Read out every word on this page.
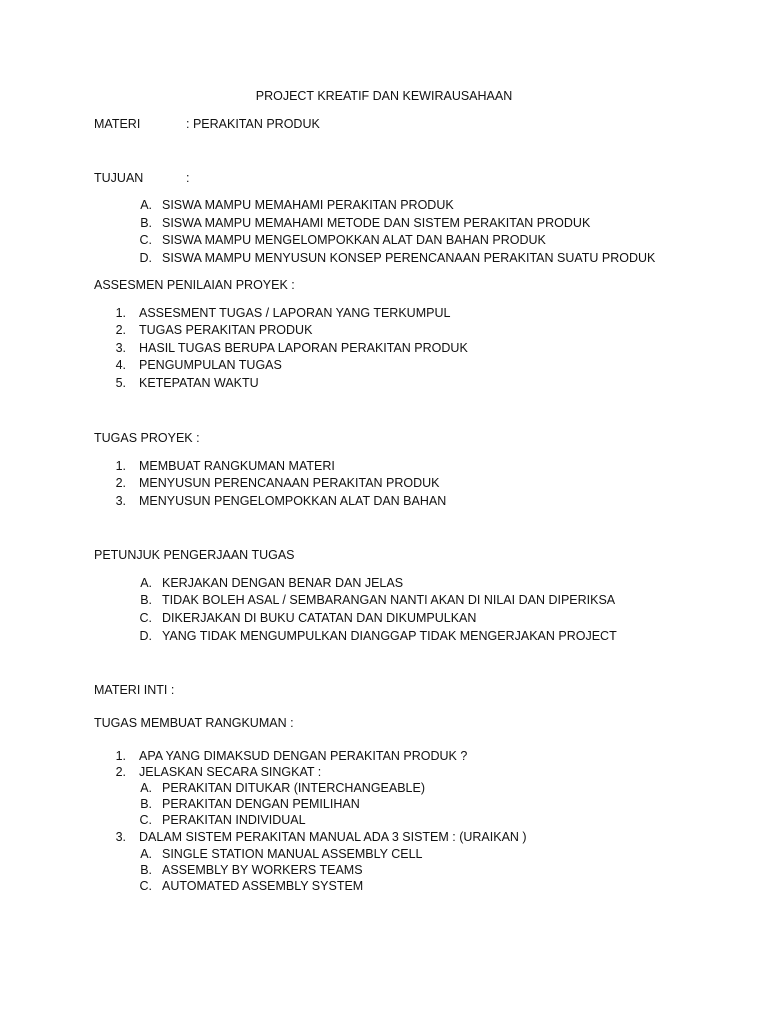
PROJECT KREATIF DAN KEWIRAUSAHAAN
MATERI	: PERAKITAN PRODUK
TUJUAN	:
A. SISWA MAMPU MEMAHAMI PERAKITAN PRODUK
B. SISWA MAMPU MEMAHAMI METODE DAN SISTEM PERAKITAN PRODUK
C. SISWA MAMPU MENGELOMPOKKAN ALAT DAN BAHAN PRODUK
D. SISWA MAMPU MENYUSUN KONSEP PERENCANAAN PERAKITAN SUATU PRODUK
ASSESMEN PENILAIAN PROYEK :
1. ASSESMENT TUGAS / LAPORAN YANG TERKUMPUL
2. TUGAS PERAKITAN PRODUK
3. HASIL TUGAS BERUPA LAPORAN PERAKITAN PRODUK
4. PENGUMPULAN TUGAS
5. KETEPATAN WAKTU
TUGAS PROYEK :
1. MEMBUAT RANGKUMAN MATERI
2. MENYUSUN PERENCANAAN PERAKITAN PRODUK
3. MENYUSUN PENGELOMPOKKAN ALAT DAN BAHAN
PETUNJUK PENGERJAAN TUGAS
A. KERJAKAN DENGAN BENAR DAN JELAS
B. TIDAK BOLEH ASAL / SEMBARANGAN NANTI AKAN DI NILAI DAN DIPERIKSA
C. DIKERJAKAN DI BUKU CATATAN DAN DIKUMPULKAN
D. YANG TIDAK MENGUMPULKAN DIANGGAP TIDAK MENGERJAKAN PROJECT
MATERI INTI :
TUGAS MEMBUAT RANGKUMAN :
1. APA YANG DIMAKSUD DENGAN PERAKITAN PRODUK ?
2. JELASKAN SECARA SINGKAT :
A. PERAKITAN DITUKAR (INTERCHANGEABLE)
B. PERAKITAN DENGAN PEMILIHAN
C. PERAKITAN INDIVIDUAL
3. DALAM SISTEM PERAKITAN MANUAL ADA 3 SISTEM : (URAIKAN )
A. SINGLE STATION MANUAL ASSEMBLY CELL
B. ASSEMBLY BY WORKERS TEAMS
C. AUTOMATED ASSEMBLY SYSTEM
